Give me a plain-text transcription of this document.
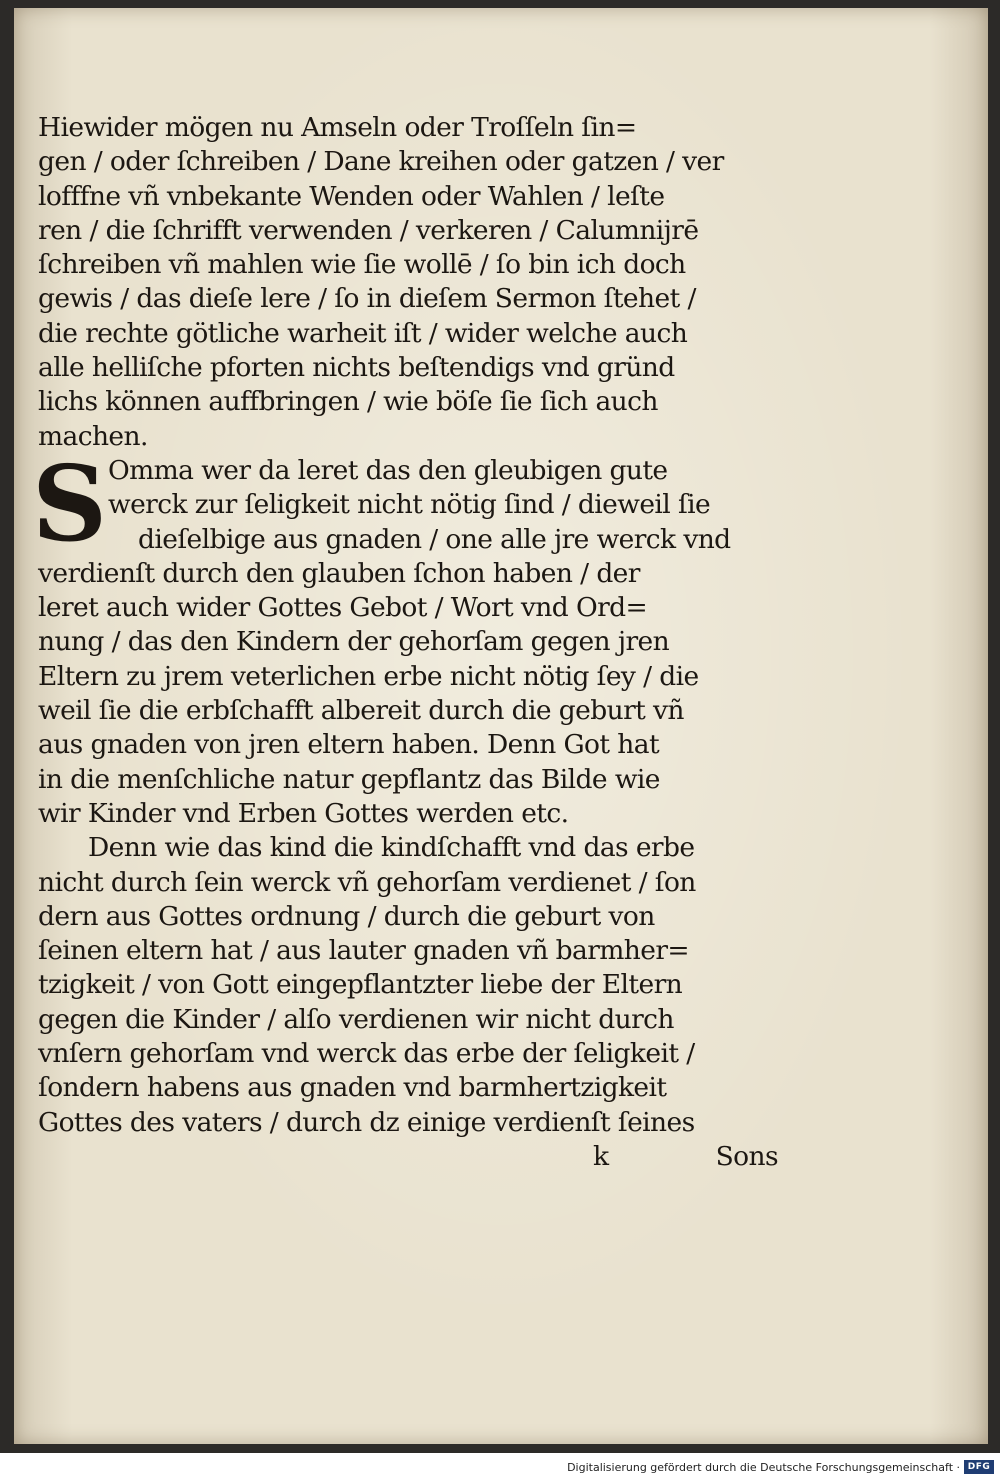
Hiewider mögen nu Amseln oder Troſſeln ſin=
gen / oder ſchreiben / Dane kreihen oder gatzen / ver
lofffne vñ vnbekante Wenden oder Wahlen / leſte
ren / die ſchrifft verwenden / verkeren / Calumnijrē
ſchreiben vñ mahlen wie ſie wollē / ſo bin ich doch
gewis / das dieſe lere / ſo in dieſem Sermon ſtehet /
die rechte götliche warheit iſt / wider welche auch
alle helliſche pforten nichts beſtendigs vnd gründ
lichs können auffbringen / wie böſe ſie ſich auch
machen.
S Omma wer da leret das den gleubigen gute
werck zur ſeligkeit nicht nötig ſind / dieweil ſie
dieſelbige aus gnaden / one alle jre werck vnd
verdienſt durch den glauben ſchon haben / der
leret auch wider Gottes Gebot / Wort vnd Ord=
nung / das den Kindern der gehorſam gegen jren
Eltern zu jrem veterlichen erbe nicht nötig ſey / die
weil ſie die erbſchafft albereit durch die geburt vñ
aus gnaden von jren eltern haben. Denn Got hat
in die menſchliche natur gepflantz das Bilde wie
wir Kinder vnd Erben Gottes werden etc.
Denn wie das kind die kindſchafft vnd das erbe
nicht durch ſein werck vñ gehorſam verdienet / ſon
dern aus Gottes ordnung / durch die geburt von
ſeinen eltern hat / aus lauter gnaden vñ barmher=
tzigkeit / von Gott eingepflantzter liebe der Eltern
gegen die Kinder / alſo verdienen wir nicht durch
vnſern gehorſam vnd werck das erbe der ſeligkeit /
ſondern habens aus gnaden vnd barmhertzigkeit
Gottes des vaters / durch dz einige verdienſt ſeines
k	Sons
Digitalisierung gefördert durch die Deutsche Forschungsgemeinschaft · DFG
